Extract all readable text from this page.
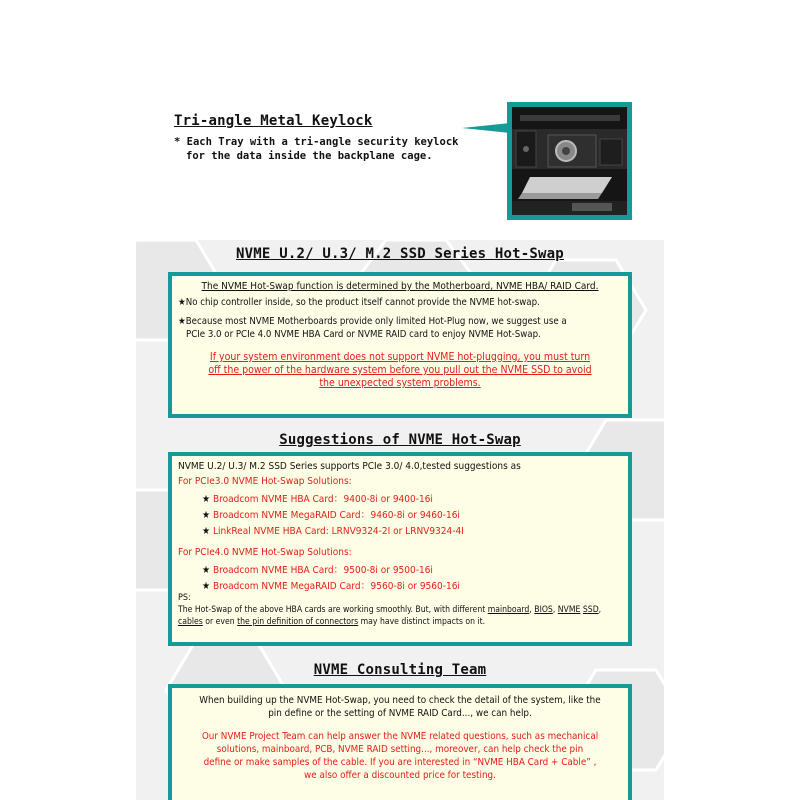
Tri-angle Metal Keylock
* Each Tray with a tri-angle security keylock
for the data inside the backplane cage.
NVME U.2/ U.3/ M.2 SSD Series Hot-Swap

The NVME Hot-Swap function is determined by the Motherboard, NVME HBA/ RAID Card.

★No chip controller inside, so the product itself cannot provide the NVME hot-swap.

★Because most NVME Motherboards provide only limited Hot-Plug now, we suggest use a

PCIe 3.0 or PCIe 4.0 NVME HBA Card or NVME RAID card to enjoy NVME Hot-Swap.

If your system environment does not support NVME hot-plugging, you must turn

off the power of the hardware system before you pull out the NVME SSD to avoid

the unexpected system problems.

Suggestions of NVME Hot-Swap

NVME U.2/ U.3/ M.2 SSD Series supports PCIe 3.0/ 4.0,tested suggestions as

For PCIe3.0 NVME Hot-Swap Solutions:

★ Broadcom NVME HBA Card：9400-8i or 9400-16i

★ Broadcom NVME MegaRAID Card：9460-8i or 9460-16i

★ LinkReal NVME HBA Card: LRNV9324-2I or LRNV9324-4I

For PCIe4.0 NVME Hot-Swap Solutions:

★ Broadcom NVME HBA Card：9500-8i or 9500-16i

★ Broadcom NVME MegaRAID Card：9560-8i or 9560-16i

PS:

The Hot-Swap of the above HBA cards are working smoothly. But, with different mainboard, BIOS, NVME SSD, cables or even the pin definition of connectors may have distinct impacts on it.

NVME Consulting Team

When building up the NVME Hot-Swap, you need to check the detail of the system, like the

pin define or the setting of NVME RAID Card..., we can help.

Our NVME Project Team can help answer the NVME related questions, such as mechanical

solutions, mainboard, PCB, NVME RAID setting..., moreover, can help check the pin

define or make samples of the cable. If you are interested in “NVME HBA Card + Cable” ,

we also offer a discounted price for testing.
